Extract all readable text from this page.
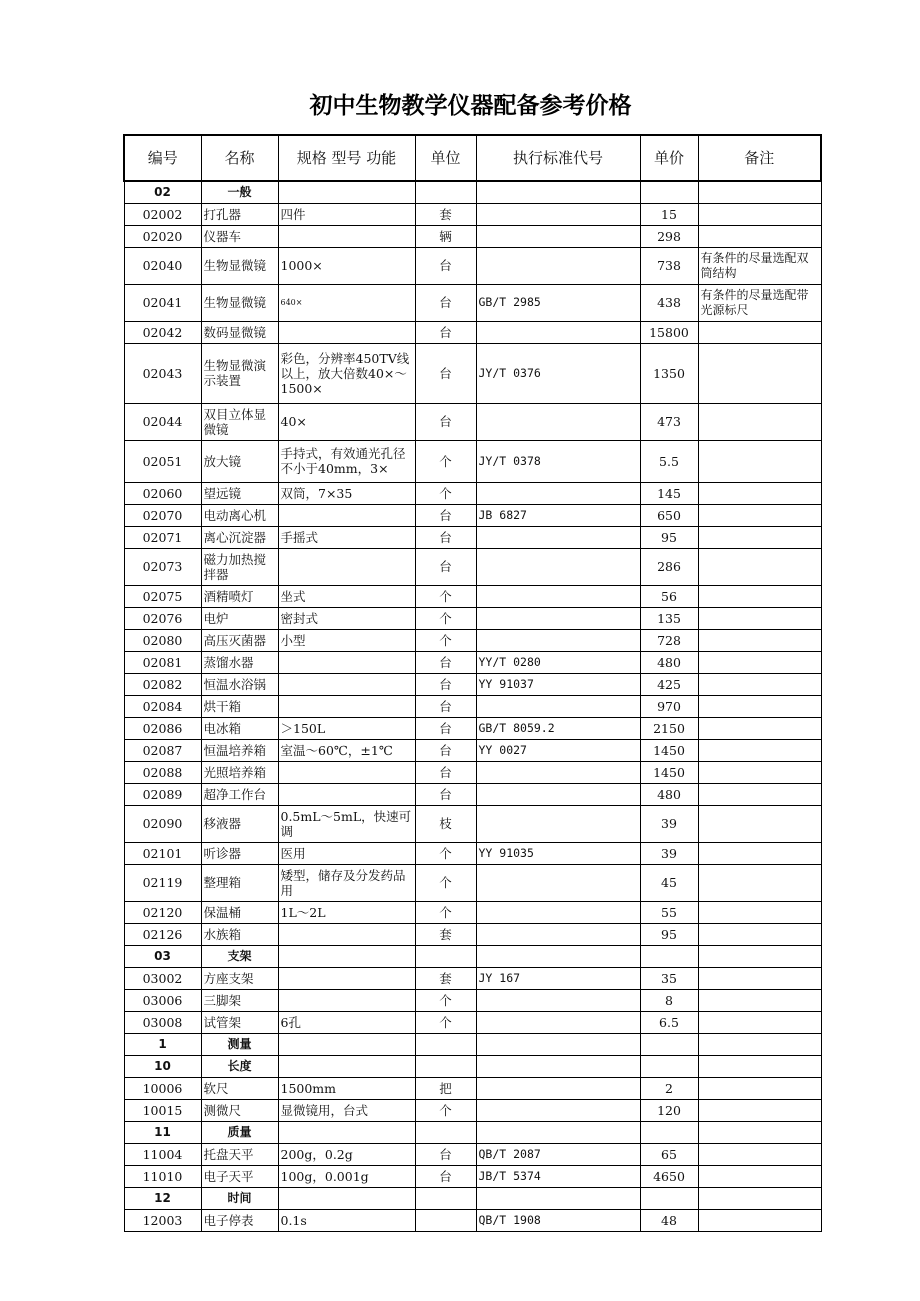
初中生物教学仪器配备参考价格
编号	名称	规格 型号 功能	单位	执行标准代号	单价	备注
02	一般					
02002	打孔器	四件	套		15	
02020	仪器车		辆		298	
02040	生物显微镜	1000×	台		738	有条件的尽量选配双筒结构
02041	生物显微镜	640×	台	GB/T 2985	438	有条件的尽量选配带光源标尺
02042	数码显微镜		台		15800	
02043	生物显微演示装置	彩色，分辨率450TV线以上，放大倍数40×～1500×	台	JY/T 0376	1350	
02044	双目立体显微镜	40×	台		473	
02051	放大镜	手持式，有效通光孔径不小于40mm，3×	个	JY/T 0378	5.5	
02060	望远镜	双筒，7×35	个		145	
02070	电动离心机		台	JB 6827	650	
02071	离心沉淀器	手摇式	台		95	
02073	磁力加热搅拌器		台		286	
02075	酒精喷灯	坐式	个		56	
02076	电炉	密封式	个		135	
02080	高压灭菌器	小型	个		728	
02081	蒸馏水器		台	YY/T 0280	480	
02082	恒温水浴锅		台	YY 91037	425	
02084	烘干箱		台		970	
02086	电冰箱	＞150L	台	GB/T 8059.2	2150	
02087	恒温培养箱	室温～60℃，±1℃	台	YY 0027	1450	
02088	光照培养箱		台		1450	
02089	超净工作台		台		480	
02090	移液器	0.5mL～5mL，快速可调	枝		39	
02101	听诊器	医用	个	YY 91035	39	
02119	整理箱	矮型，储存及分发药品用	个		45	
02120	保温桶	1L～2L	个		55	
02126	水族箱		套		95	
03	支架					
03002	方座支架		套	JY 167	35	
03006	三脚架		个		8	
03008	试管架	6孔	个		6.5	
1	测量					
10	长度					
10006	软尺	1500mm	把		2	
10015	测微尺	显微镜用，台式	个		120	
11	质量					
11004	托盘天平	200g，0.2g	台	QB/T 2087	65	
11010	电子天平	100g，0.001g	台	JB/T 5374	4650	
12	时间					
12003	电子停表	0.1s		QB/T 1908	48	
